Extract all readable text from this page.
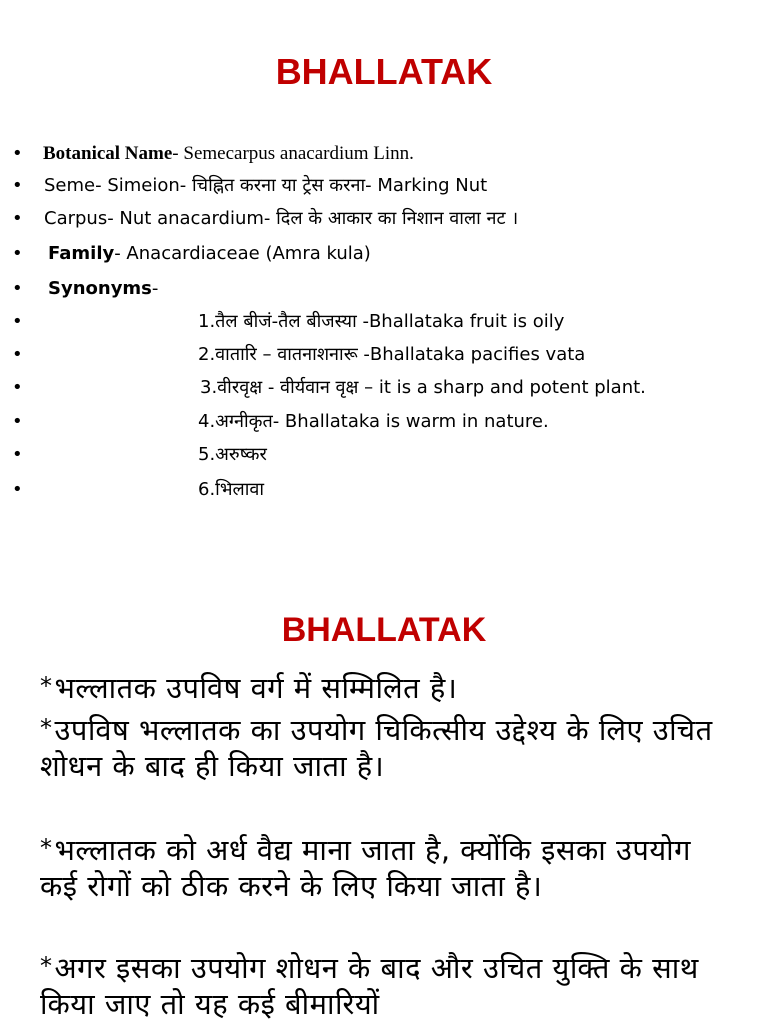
BHALLATAK
• Botanical Name- Semecarpus anacardium Linn.
• Seme- Simeion- चिह्नित करना या ट्रेस करना- Marking Nut
• Carpus- Nut anacardium- दिल के आकार का निशान वाला नट ।
• Family- Anacardiaceae (Amra kula)
• Synonyms-
•	1.तैल बीजं-तैल बीजस्या -Bhallataka fruit is oily
•	2.वातारि – वातनाशनारू -Bhallataka pacifies vata
•	3.वीरवृक्ष - वीर्यवान वृक्ष – it is a sharp and potent plant.
•	4.अग्नीकृत- Bhallataka is warm in nature.
•	5.अरुष्कर
•	6.भिलावा
BHALLATAK
*भल्लातक उपविष वर्ग में सम्मिलित है।
*उपविष भल्लातक का उपयोग चिकित्सीय उद्देश्य के लिए उचित शोधन के बाद ही किया जाता है।
*भल्लातक को अर्ध वैद्य माना जाता है, क्योंकि इसका उपयोग कई रोगों को ठीक करने के लिए किया जाता है।
*अगर इसका उपयोग शोधन के बाद और उचित युक्ति के साथ किया जाए तो यह कई बीमारियों
